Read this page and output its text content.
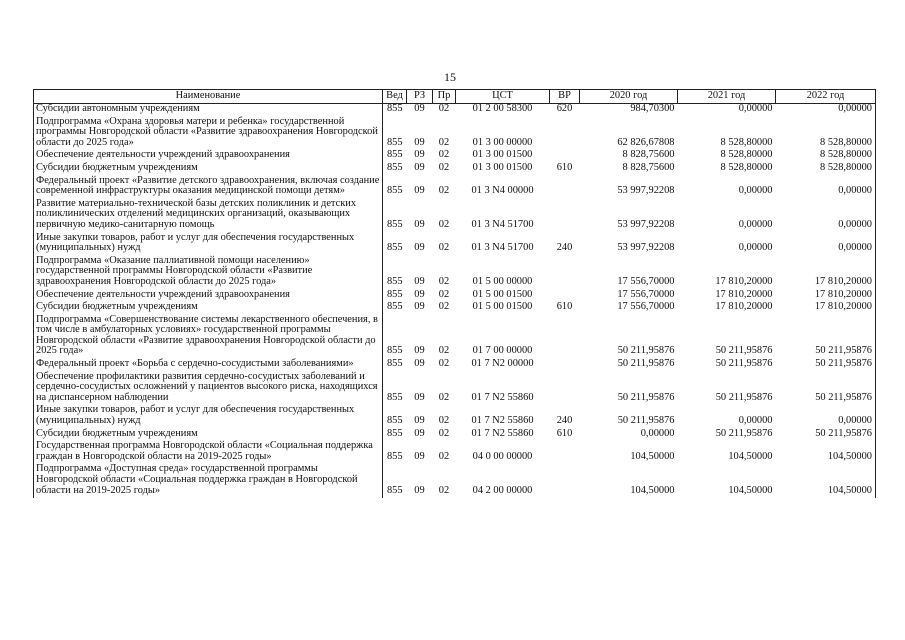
15
Наименование	Вед	РЗ	Пр	ЦСТ	ВР	2020 год	2021 год	2022 год
Субсидии автономным учреждениям	855	09	02	01 2 00 58300	620	984,70300	0,00000	0,00000
Подпрограмма «Охрана здоровья матери и ребенка» государственной программы Новгородской области «Развитие здравоохранения Новгородской области до 2025 года»	855	09	02	01 3 00 00000		62 826,67808	8 528,80000	8 528,80000
Обеспечение деятельности учреждений здравоохранения	855	09	02	01 3 00 01500		8 828,75600	8 528,80000	8 528,80000
Субсидии бюджетным учреждениям	855	09	02	01 3 00 01500	610	8 828,75600	8 528,80000	8 528,80000
Федеральный проект «Развитие детского здравоохранения, включая создание современной инфраструктуры оказания медицинской помощи детям»	855	09	02	01 3 N4 00000		53 997,92208	0,00000	0,00000
Развитие материально-технической базы детских поликлиник и детских поликлинических отделений медицинских организаций, оказывающих первичную медико-санитарную помощь	855	09	02	01 3 N4 51700		53 997,92208	0,00000	0,00000
Иные закупки товаров, работ и услуг для обеспечения государственных (муниципальных) нужд	855	09	02	01 3 N4 51700	240	53 997,92208	0,00000	0,00000
Подпрограмма «Оказание паллиативной помощи населению» государственной программы Новгородской области «Развитие здравоохранения Новгородской области до 2025 года»	855	09	02	01 5 00 00000		17 556,70000	17 810,20000	17 810,20000
Обеспечение деятельности учреждений здравоохранения	855	09	02	01 5 00 01500		17 556,70000	17 810,20000	17 810,20000
Субсидии бюджетным учреждениям	855	09	02	01 5 00 01500	610	17 556,70000	17 810,20000	17 810,20000
Подпрограмма «Совершенствование системы лекарственного обеспечения, в том числе в амбулаторных условиях» государственной программы Новгородской области «Развитие здравоохранения Новгородской области до 2025 года»	855	09	02	01 7 00 00000		50 211,95876	50 211,95876	50 211,95876
Федеральный проект «Борьба с сердечно-сосудистыми заболеваниями»	855	09	02	01 7 N2 00000		50 211,95876	50 211,95876	50 211,95876
Обеспечение профилактики развития сердечно-сосудистых заболеваний и сердечно-сосудистых осложнений у пациентов высокого риска, находящихся на диспансерном наблюдении	855	09	02	01 7 N2 55860		50 211,95876	50 211,95876	50 211,95876
Иные закупки товаров, работ и услуг для обеспечения государственных (муниципальных) нужд	855	09	02	01 7 N2 55860	240	50 211,95876	0,00000	0,00000
Субсидии бюджетным учреждениям	855	09	02	01 7 N2 55860	610	0,00000	50 211,95876	50 211,95876
Государственная программа Новгородской области «Социальная поддержка граждан в Новгородской области на 2019-2025 годы»	855	09	02	04 0 00 00000		104,50000	104,50000	104,50000
Подпрограмма «Доступная среда» государственной программы Новгородской области «Социальная поддержка граждан в Новгородской области на 2019-2025 годы»	855	09	02	04 2 00 00000		104,50000	104,50000	104,50000
